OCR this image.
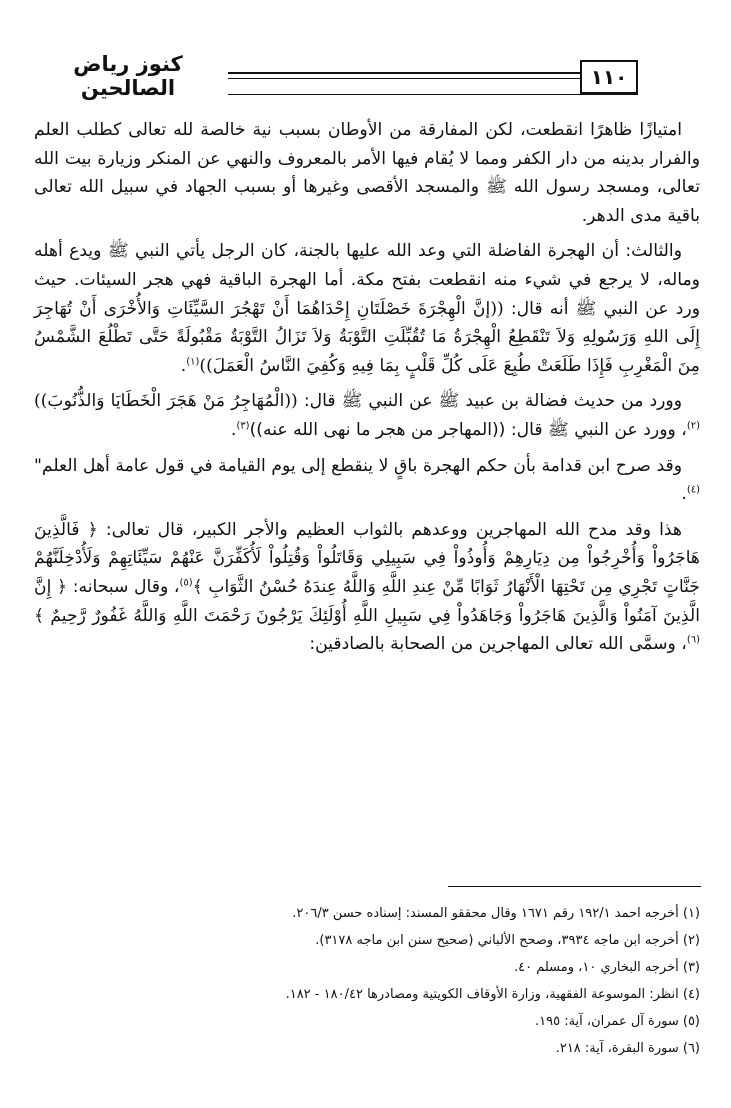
١١٠
كنوز رياض الصالحين

امتيازًا ظاهرًا انقطعت، لكن المفارقة من الأوطان بسبب نية خالصة لله تعالى كطلب العلم والفرار بدينه من دار الكفر ومما لا يُقام فيها الأمر بالمعروف والنهي عن المنكر وزيارة بيت الله تعالى، ومسجد رسول الله ﷺ والمسجد الأقصى وغيرها أو بسبب الجهاد في سبيل الله تعالى باقية مدى الدهر.

والثالث: أن الهجرة الفاضلة التي وعد الله عليها بالجنة، كان الرجل يأتي النبي ﷺ ويدع أهله وماله، لا يرجع في شيء منه انقطعت بفتح مكة. أما الهجرة الباقية فهي هجر السيئات. حيث ورد عن النبي ﷺ أنه قال: ((إنَّ الْهِجْرَةَ خَصْلَتَانِ إِحْدَاهُمَا أَنْ تَهْجُرَ السَّيِّئَاتِ وَالأُخْرَى أَنْ تُهَاجِرَ إِلَى اللهِ وَرَسُولِهِ وَلاَ تَنْقَطِعُ الْهِجْرَةُ مَا تُقُبِّلَتِ التَّوْبَةُ وَلاَ تَزَالُ التَّوْبَةُ مَقْبُولَةً حَتَّى تَطْلُعَ الشَّمْسُ مِنَ الْمَغْرِبِ فَإِذَا طَلَعَتْ طُبِعَ عَلَى كُلِّ قَلْبٍ بِمَا فِيهِ وَكُفِيَ النَّاسُ الْعَمَلَ))$^{(١)}$.

وورد من حديث فضالة بن عبيد ﷺ عن النبي ﷺ قال: ((الْمُهَاجِرُ مَنْ هَجَرَ الْخَطَايَا وَالذُّنُوبَ))$^{(٢)}$، وورد عن النبي ﷺ قال: ((المهاجر من هجر ما نهى الله عنه))$^{(٣)}$.

وقد صرح ابن قدامة بأن حكم الهجرة باقٍ لا ينقطع إلى يوم القيامة في قول عامة أهل العلم"$^{(٤)}$.

هذا وقد مدح الله المهاجرين ووعدهم بالثواب العظيم والأجر الكبير، قال تعالى: ﴿ فَالَّذِينَ هَاجَرُواْ وَأُخْرِجُواْ مِن دِيَارِهِمْ وَأُوذُواْ فِي سَبِيلِي وَقَاتَلُواْ وَقُتِلُواْ لَأُكَفِّرَنَّ عَنْهُمْ سَيِّئَاتِهِمْ وَلَأُدْخِلَنَّهُمْ جَنَّاتٍ تَجْرِي مِن تَحْتِهَا الْأَنْهَارُ ثَوَابًا مِّنْ عِندِ اللَّهِ وَاللَّهُ عِندَهُ حُسْنُ الثَّوَابِ ﴾$^{(٥)}$، وقال سبحانه: ﴿ إِنَّ الَّذِينَ آمَنُواْ وَالَّذِينَ هَاجَرُواْ وَجَاهَدُواْ فِي سَبِيلِ اللَّهِ أُوْلَئِكَ يَرْجُونَ رَحْمَتَ اللَّهِ وَاللَّهُ غَفُورٌ رَّحِيمٌ ﴾$^{(٦)}$، وسمَّى الله تعالى المهاجرين من الصحابة بالصادقين:

(١) أخرجه احمد ١٩٢/١ رقم ١٦٧١ وقال محققو المسند: إسناده حسن ٢٠٦/٣.
(٢) أخرجه ابن ماجه ٣٩٣٤، وصحح الألباني (صحيح سنن ابن ماجه ٣١٧٨).
(٣) أخرجه البخاري ١٠، ومسلم ٤٠.
(٤) انظر: الموسوعة الفقهية، وزارة الأوقاف الكويتية ومصادرها ١٨٠/٤٢ - ١٨٢.
(٥) سورة آل عمران، آية: ١٩٥.
(٦) سورة البقرة، آية: ٢١٨.
